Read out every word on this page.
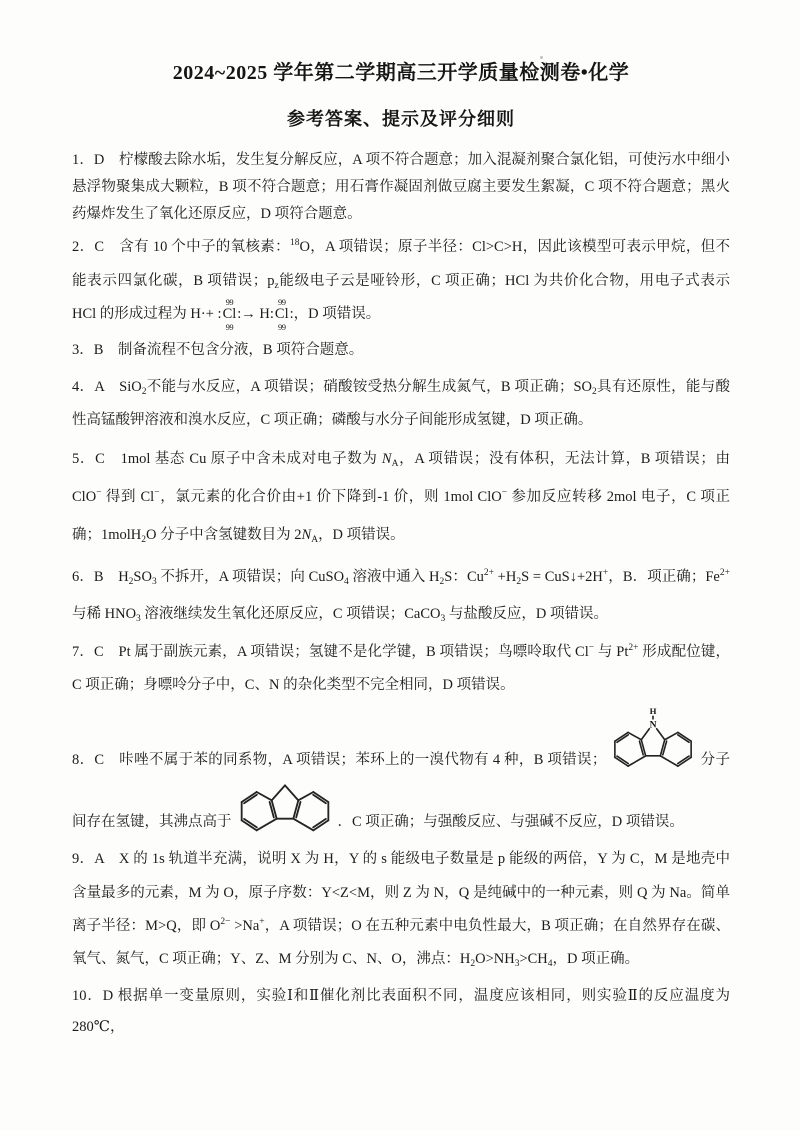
2024~2025 学年第二学期高三开学质量检测卷•化学
参考答案、提示及评分细则
1．D　柠檬酸去除水垢，发生复分解反应，A 项不符合题意；加入混凝剂聚合氯化铝，可使污水中细小悬浮物聚集成大颗粒，B 项不符合题意；用石膏作凝固剂做豆腐主要发生絮凝，C 项不符合题意；黑火药爆炸发生了氧化还原反应，D 项符合题意。
2．C　含有 10 个中子的氧核素：$^{18}$O，A 项错误；原子半径：Cl>C>H，因此该模型可表示甲烷，但不能表示四氯化碳，B 项错误；$p_z$能级电子云是哑铃形，C 项正确；HCl 为共价化合物，用电子式表示 HCl 的形成过程为 H·+ :
99
Cl
99
:→ H:
99
Cl
99
:，D 项错误。
3．B　制备流程不包含分液，B 项符合题意。
4．A　SiO$_2$不能与水反应，A 项错误；硝酸铵受热分解生成氮气，B 项正确；$SO_2$具有还原性，能与酸性高锰酸钾溶液和溴水反应，C 项正确；磷酸与水分子间能形成氢键，D 项正确。
5．C　1mol 基态 Cu 原子中含未成对电子数为 $N_A$，A 项错误；没有体积，无法计算，B 项错误；由 ClO− 得到 Cl−，氯元素的化合价由+1 价下降到-1 价，则 1mol ClO− 参加反应转移 2mol 电子，C 项正确；1molH$_2$O 分子中含氢键数目为 $2N_A$，D 项错误。
6．B　$H_2SO_3$ 不拆开，A 项错误；向 CuSO$_4$ 溶液中通入 $H_2S$：$Cu^{2+} +H_2S$ = CuS↓+2H+，B．项正确；$Fe^{2+}$ 与稀 $HNO_3$ 溶液继续发生氧化还原反应，C 项错误；CaCO$_3$ 与盐酸反应，D 项错误。
7．C　Pt 属于副族元素，A 项错误；氢键不是化学键，B 项错误；鸟嘌呤取代 Cl− 与 $Pt^{2+}$ 形成配位键，C 项正确；身嘌呤分子中，C、N 的杂化类型不完全相同，D 项错误。
8．C　咔唑不属于苯的同系物，A 项错误；苯环上的一溴代物有 4 种，B 项错误；
H
N
分子间存在氢键，其沸点高于	．C 项正确；与强酸反应、与强碱不反应，D 项错误。
9．A　X 的 1s 轨道半充满，说明 X 为 H，Y 的 s 能级电子数量是 p 能级的两倍，Y 为 C，M 是地壳中含量最多的元素，M 为 O，原子序数：Y<Z<M，则 Z 为 N，Q 是纯碱中的一种元素，则 Q 为 Na。简单离子半径：M>Q，即 $O^{2-} >Na^+$，A 项错误；O 在五种元素中电负性最大，B 项正确；在自然界存在碳、氧气、氮气，C 项正确；Y、Z、M 分别为 C、N、O，沸点：$H_2O>NH_3>CH_4$，D 项正确。
10．D 根据单一变量原则，实验Ⅰ和Ⅱ催化剂比表面积不同，温度应该相同，则实验Ⅱ的反应温度为 280℃，
